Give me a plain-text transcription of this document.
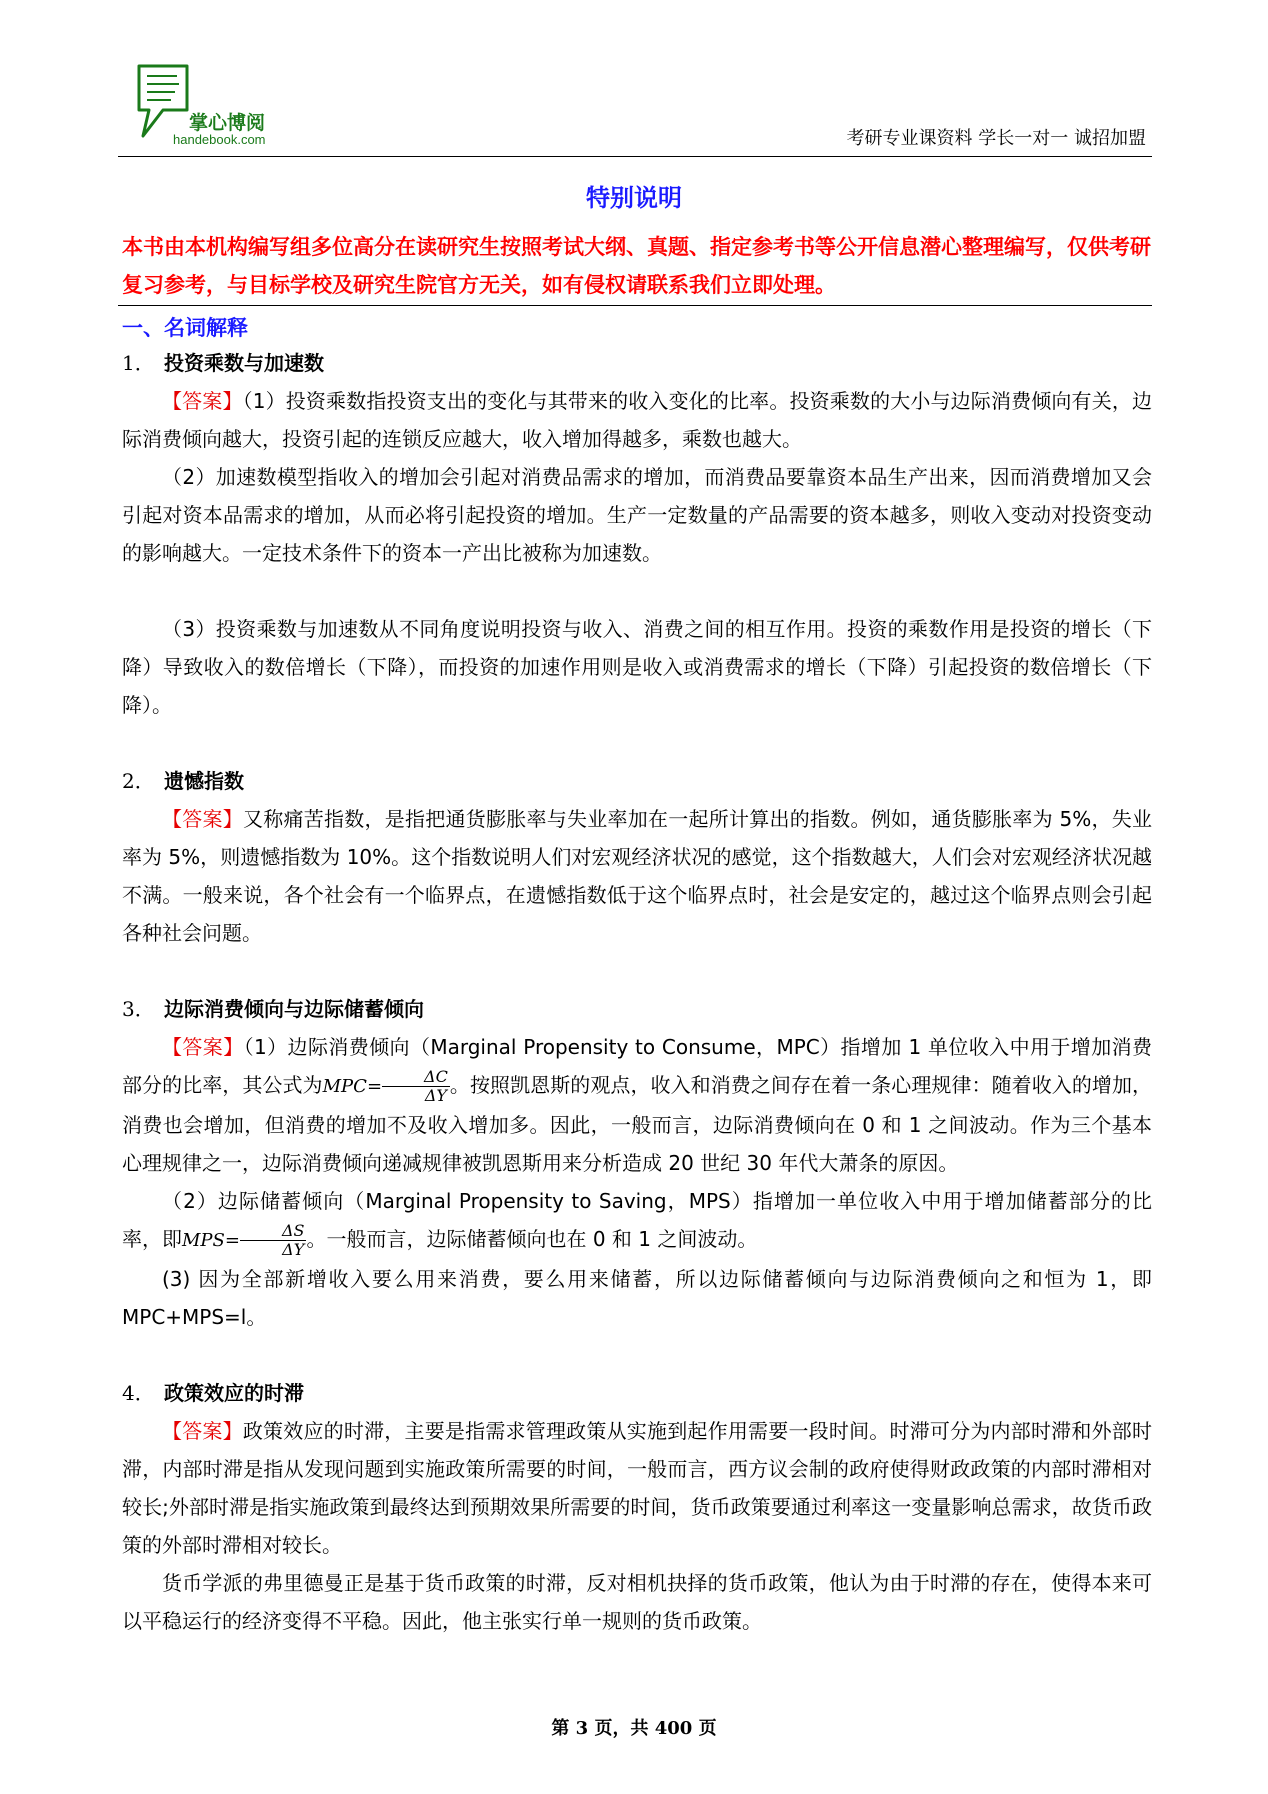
掌心博阅
handebook.com	考研专业课资料 学长一对一 诚招加盟
特别说明
本书由本机构编写组多位高分在读研究生按照考试大纲、真题、指定参考书等公开信息潜心整理编写，仅供考研复习参考，与目标学校及研究生院官方无关，如有侵权请联系我们立即处理。
一、名词解释

1． 投资乘数与加速数

【答案】（1）投资乘数指投资支出的变化与其带来的收入变化的比率。投资乘数的大小与边际消费倾向有关，边际消费倾向越大，投资引起的连锁反应越大，收入增加得越多，乘数也越大。

（2）加速数模型指收入的增加会引起对消费品需求的增加，而消费品要靠资本品生产出来，因而消费增加又会引起对资本品需求的增加，从而必将引起投资的增加。生产一定数量的产品需要的资本越多，则收入变动对投资变动的影响越大。一定技术条件下的资本一产出比被称为加速数。

（3）投资乘数与加速数从不同角度说明投资与收入、消费之间的相互作用。投资的乘数作用是投资的增长（下降）导致收入的数倍增长（下降），而投资的加速作用则是收入或消费需求的增长（下降）引起投资的数倍增长（下降）。

2． 遗憾指数

【答案】又称痛苦指数，是指把通货膨胀率与失业率加在一起所计算出的指数。例如，通货膨胀率为 5%，失业率为 5%，则遗憾指数为 10%。这个指数说明人们对宏观经济状况的感觉，这个指数越大，人们会对宏观经济状况越不满。一般来说，各个社会有一个临界点，在遗憾指数低于这个临界点时，社会是安定的，越过这个临界点则会引起各种社会问题。

3． 边际消费倾向与边际储蓄倾向

【答案】（1）边际消费倾向（Marginal Propensity to Consume，MPC）指增加 1 单位收入中用于增加消费部分的比率，其公式为$MPC= \frac{\Delta C}{\Delta Y}$ 。按照凯恩斯的观点，收入和消费之间存在着一条心理规律：随着收入的增加，消费也会增加，但消费的增加不及收入增加多。因此，一般而言，边际消费倾向在 0 和 1 之间波动。作为三个基本心理规律之一，边际消费倾向递减规律被凯恩斯用来分析造成 20 世纪 30 年代大萧条的原因。

（2）边际储蓄倾向（Marginal Propensity to Saving，MPS）指增加一单位收入中用于增加储蓄部分的比率，即$MPS= \frac{\Delta S}{\Delta Y}$ 。一般而言，边际储蓄倾向也在 0 和 1 之间波动。

(3) 因为全部新增收入要么用来消费，要么用来储蓄，所以边际储蓄倾向与边际消费倾向之和恒为 1，即 MPC+MPS=l。

4． 政策效应的时滞

【答案】政策效应的时滞，主要是指需求管理政策从实施到起作用需要一段时间。时滞可分为内部时滞和外部时滞，内部时滞是指从发现问题到实施政策所需要的时间，一般而言，西方议会制的政府使得财政政策的内部时滞相对较长;外部时滞是指实施政策到最终达到预期效果所需要的时间，货币政策要通过利率这一变量影响总需求，故货币政策的外部时滞相对较长。

货币学派的弗里德曼正是基于货币政策的时滞，反对相机抉择的货币政策，他认为由于时滞的存在，使得本来可以平稳运行的经济变得不平稳。因此，他主张实行单一规则的货币政策。

第 3 页，共 400 页
